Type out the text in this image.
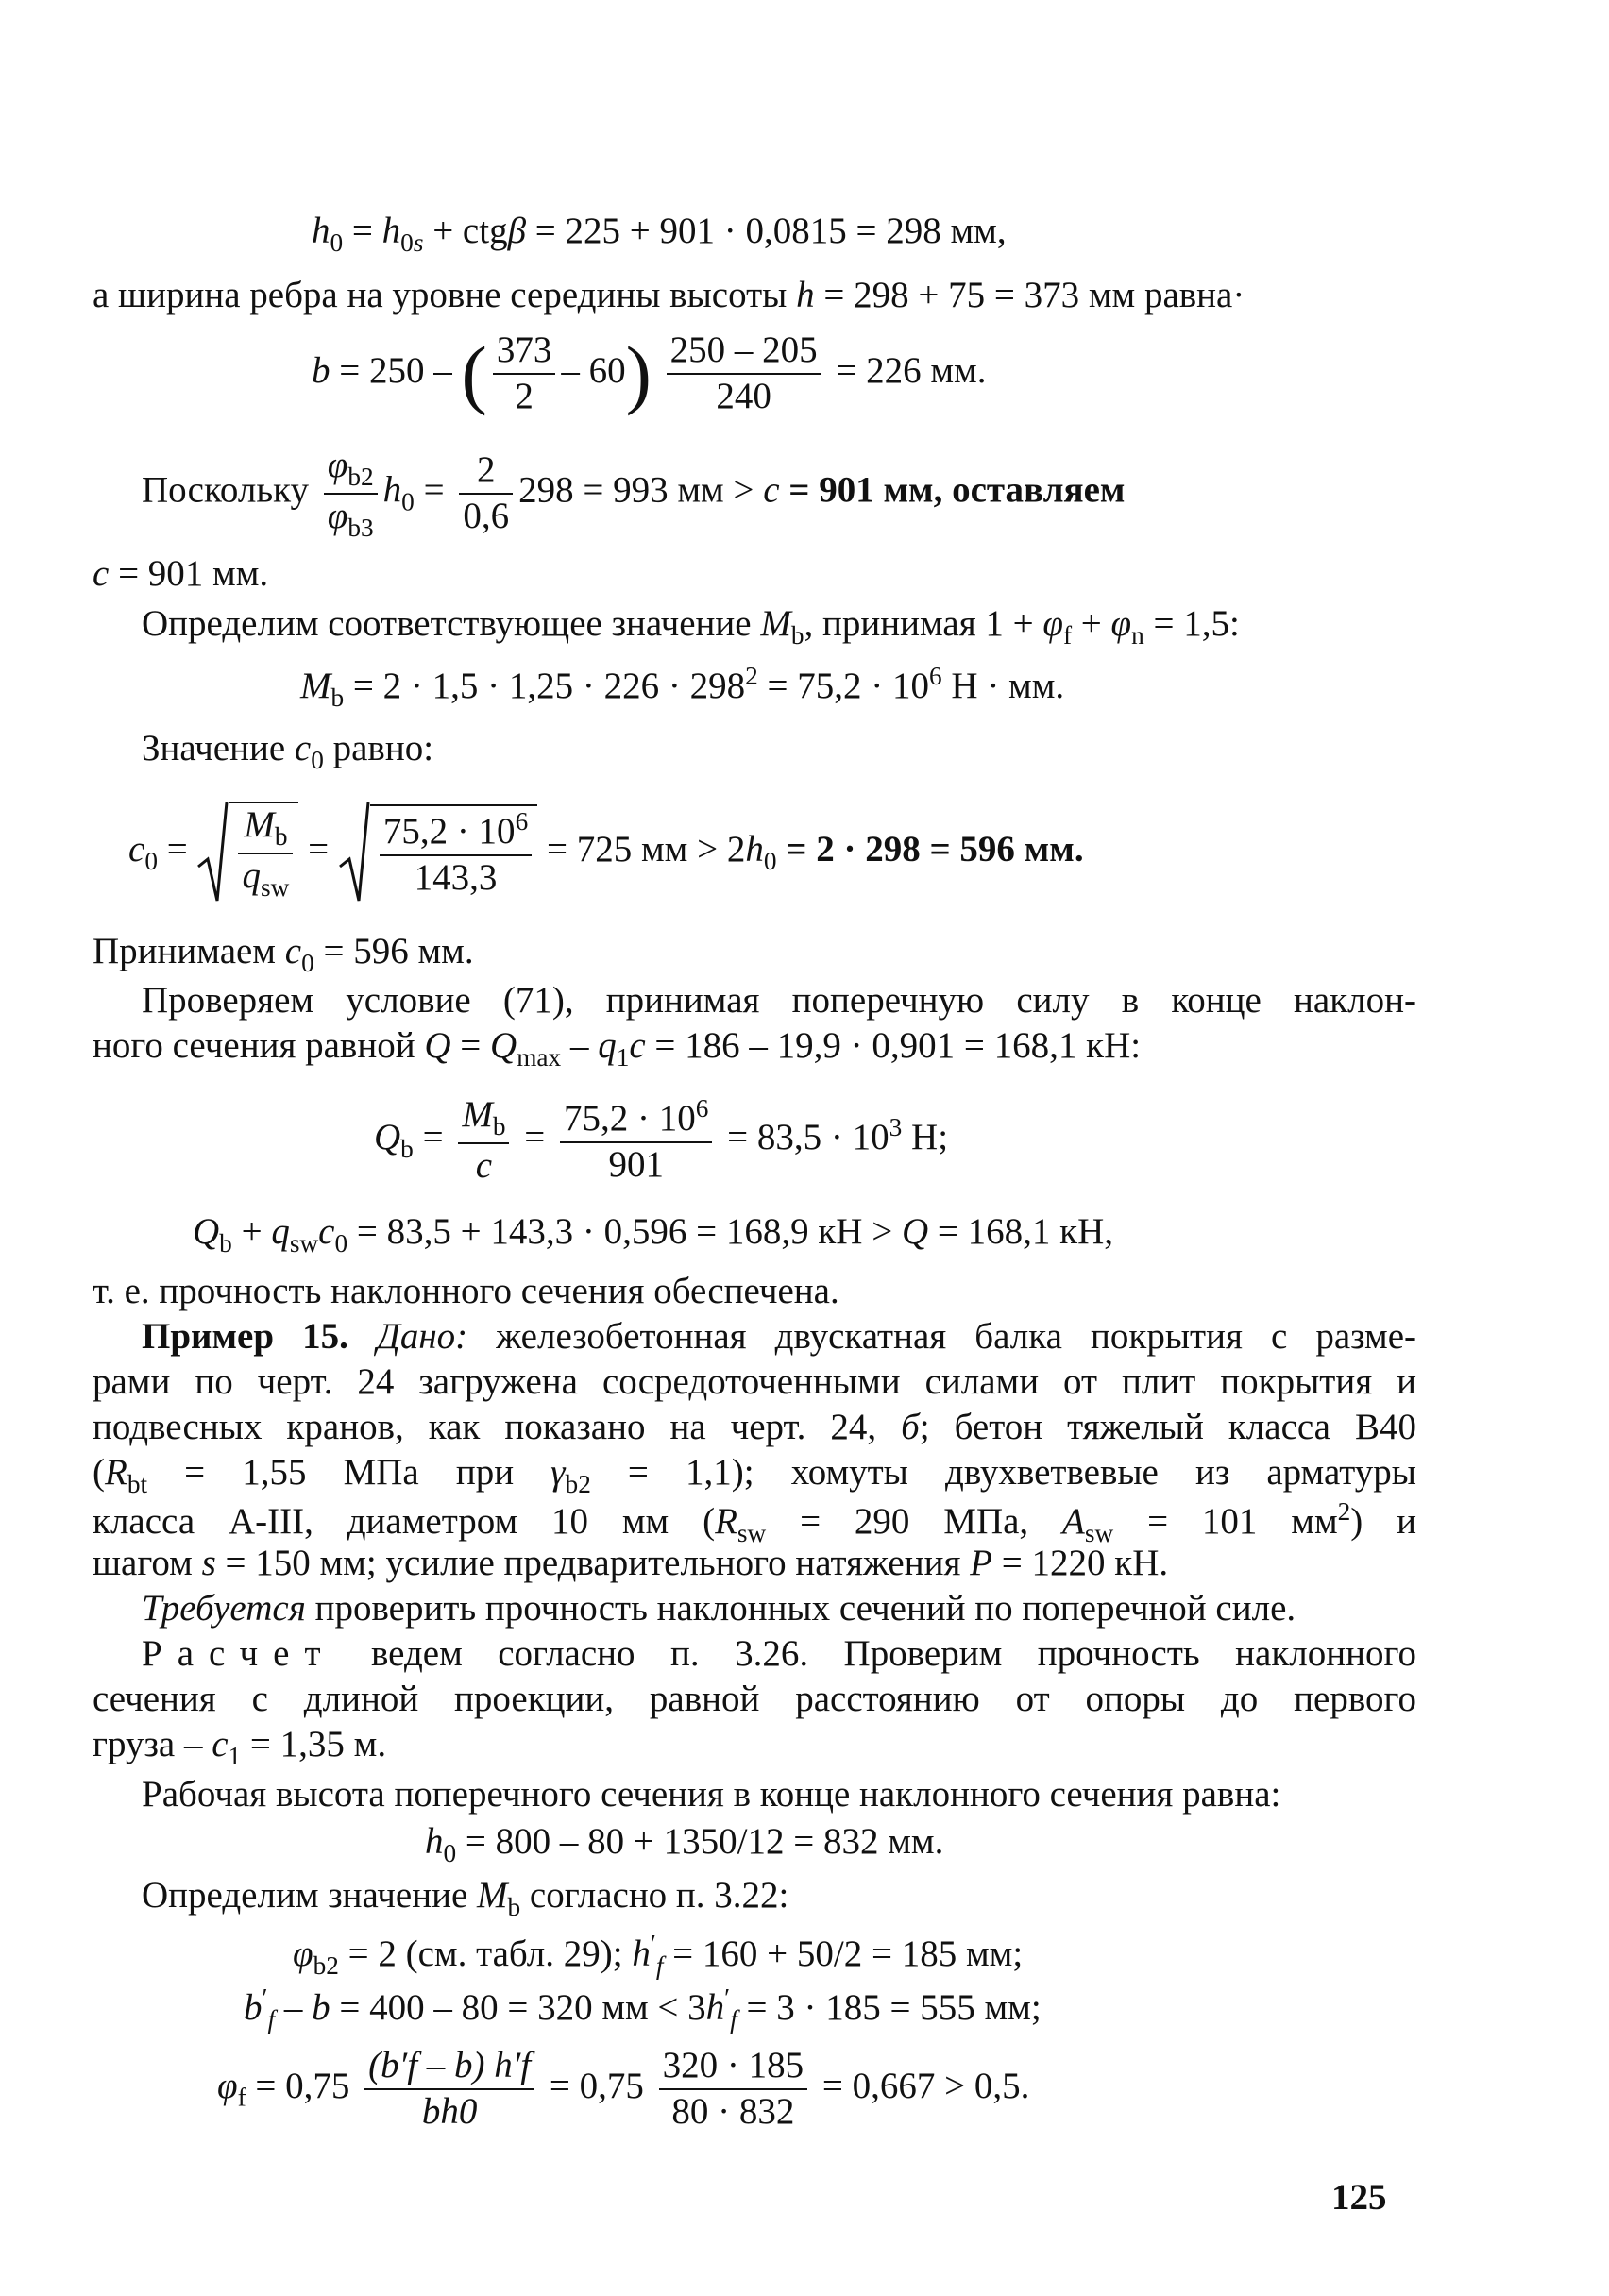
$h_0 = h_{0s} + ctg\beta = 225 + 901 \cdot 0,0815 = 298$ мм,
а ширина ребра на уровне середины высоты h = 298 + 75 = 373 мм равна·
b = 250 – ( $\frac{373}{2} - 60) \frac{250 - 205}{240} = 226$ мм.
Поскольку $\frac{\varphi_{b2}}{\varphi_{b3}} h_0 = \frac{2}{0,6} 298 = 993$ мм > c = 901 мм, оставляем
c = 901 мм.
Определим соответствующее значение $M_b$, принимая $1 + \varphi_f + \varphi_n = 1,5$:
$M_b = 2 \cdot 1,5 \cdot 1,25 \cdot 226 \cdot 298^2 = 75,2 \cdot 10^6$ Н · мм.
Значение $c_0$ равно:
$c_0 = \frac{M_b}{q_{sw}} = \frac{75,2 \cdot 10^6}{143,3} = 725$ мм > $2h_0 = 2 \cdot 298 = 596$ мм.
Принимаем $c_0 = 596$ мм.
Проверяем условие (71), принимая поперечную силу в конце наклон-
ного сечения равной $Q = Q_{max} - q_1c = 186 - 19,9 \cdot 0,901 = 168,1$ кН:
$Q_b = \frac{M_b}{c} = \frac{75,2 \cdot 10^6}{901} = 83,5 \cdot 10^3$ Н;
$Q_b + q_{sw}c_0 = 83,5 + 143,3 \cdot 0,596 = 168,9$ кН > Q = 168,1 кН,
т. е. прочность наклонного сечения обеспечена.
Пример 15. Дано: железобетонная двускатная балка покрытия с разме-
рами по черт. 24 загружена сосредоточенными силами от плит покрытия и
подвесных кранов, как показано на черт. 24, б; бетон тяжелый класса В40
($R_{bt} = 1,55$ МПа при $\gamma_{b2} = 1,1$); хомуты двухветвевые из арматуры
класса А-III, диаметром 10 мм ($R_{sw} = 290$ МПа, $A_{sw} = 101$ $мм^2$) и
шагом s = 150 мм; усилие предварительного натяжения P = 1220 кН.
Требуется проверить прочность наклонных сечений по поперечной силе.
Расчет ведем согласно п. 3.26. Проверим прочность наклонного
сечения с длиной проекции, равной расстоянию от опоры до первого
груза – $c_1 = 1,35$ м.
Рабочая высота поперечного сечения в конце наклонного сечения равна:
$h_0 = 800 - 80 + 1350/12 = 832$ мм.
Определим значение $M_b$ согласно п. 3.22:
$\varphi_{b2} = 2$ (см. табл. 29); $h'_f = 160 + 50/2 = 185$ мм;
$b'_f - b = 400 - 80 = 320$ мм < $3h'_f = 3 \cdot 185 = 555$ мм;
$\varphi_f = 0,75 \frac{(b'f - b) h'f}{bh0} = 0,75 \frac{320 \cdot 185}{80 \cdot 832} = 0,667 > 0,5$.
125
